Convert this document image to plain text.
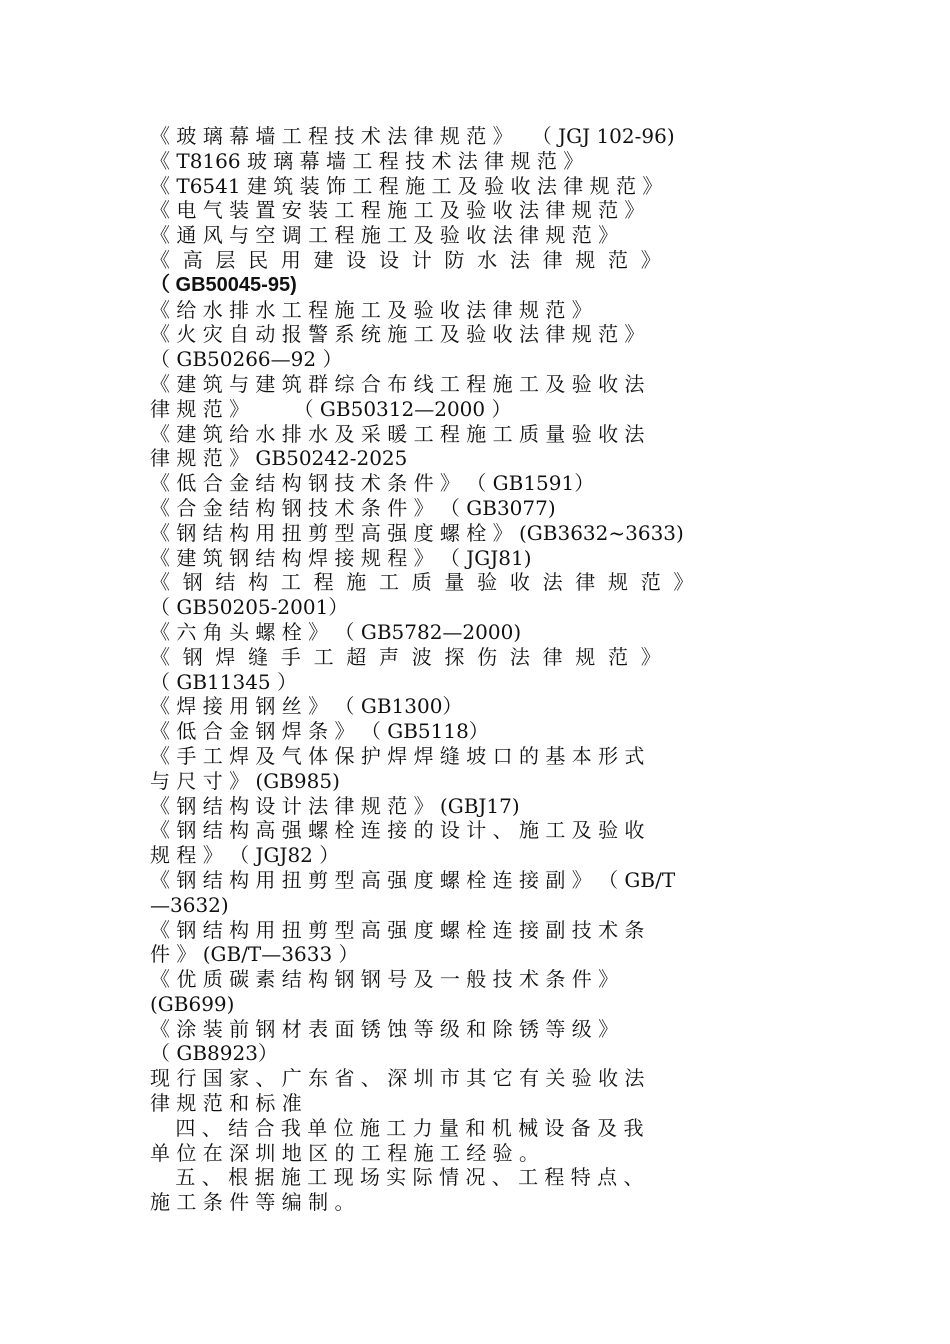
《 玻 璃 幕 墙 工 程 技 术 法 律 规 范 》   （ JGJ 102-96)
《 T8166 玻 璃 幕 墙 工 程 技 术 法 律 规 范 》
《 T6541 建 筑 装 饰 工 程 施 工 及 验 收 法 律 规 范 》
《 电 气 装 置 安 装 工 程 施 工 及 验 收 法 律 规 范 》
《 通 风 与 空 调 工 程 施 工 及 验 收 法 律 规 范 》
《  高  层  民  用  建  设  设  计  防  水  法  律  规  范  》
（ GB50045-95)
《 给 水 排 水 工 程 施 工 及 验 收 法 律 规 范 》
《 火 灾 自 动 报 警 系 统 施 工 及 验 收 法 律 规 范 》
（ GB50266—92 ）
《 建 筑 与 建 筑 群 综 合 布 线 工 程 施 工 及 验 收 法
律 规 范 》       （ GB50312—2000 ）
《 建 筑 给 水 排 水 及 采 暖 工 程 施 工 质 量 验 收 法
律 规 范 》 GB50242-2025
《 低 合 金 结 构 钢 技 术 条 件 》 （ GB1591）
《 合 金 结 构 钢 技 术 条 件 》 （ GB3077)
《 钢 结 构 用 扭 剪 型 高 强 度 螺 栓 》 (GB3632~3633)
《 建 筑 钢 结 构 焊 接 规 程 》 （ JGJ81)
《  钢  结  构  工  程  施  工  质  量  验  收  法  律  规  范  》
（ GB50205-2001）
《 六 角 头 螺 栓 》 （ GB5782—2000)
《  钢  焊  缝  手  工  超  声  波  探  伤  法  律  规  范  》
（ GB11345 ）
《 焊 接 用 钢 丝 》 （ GB1300）
《 低 合 金 钢 焊 条 》 （ GB5118）
《 手 工 焊 及 气 体 保 护 焊 焊 缝 坡 口 的 基 本 形 式
与 尺 寸 》 (GB985)
《 钢 结 构 设 计 法 律 规 范 》 (GBJ17)
《 钢 结 构 高 强 螺 栓 连 接 的 设 计 、 施 工 及 验 收
规 程 》 （ JGJ82 ）
《 钢 结 构 用 扭 剪 型 高 强 度 螺 栓 连 接 副 》 （ GB/T
—3632)
《 钢 结 构 用 扭 剪 型 高 强 度 螺 栓 连 接 副 技 术 条
件 》 (GB/T—3633 ）
《 优 质 碳 素 结 构 钢 钢 号 及 一 般 技 术 条 件 》
(GB699)
《 涂 装 前 钢 材 表 面 锈 蚀 等 级 和 除 锈 等 级 》
（ GB8923）
现 行 国 家 、 广 东 省 、 深 圳 市 其 它 有 关 验 收 法
律 规 范 和 标 准
四 、 结 合 我 单 位 施 工 力 量 和 机 械 设 备 及 我
单 位 在 深 圳 地 区 的 工 程 施 工 经 验 。
五 、 根 据 施 工 现 场 实 际 情 况 、 工 程 特 点 、
施 工 条 件 等 编 制 。
